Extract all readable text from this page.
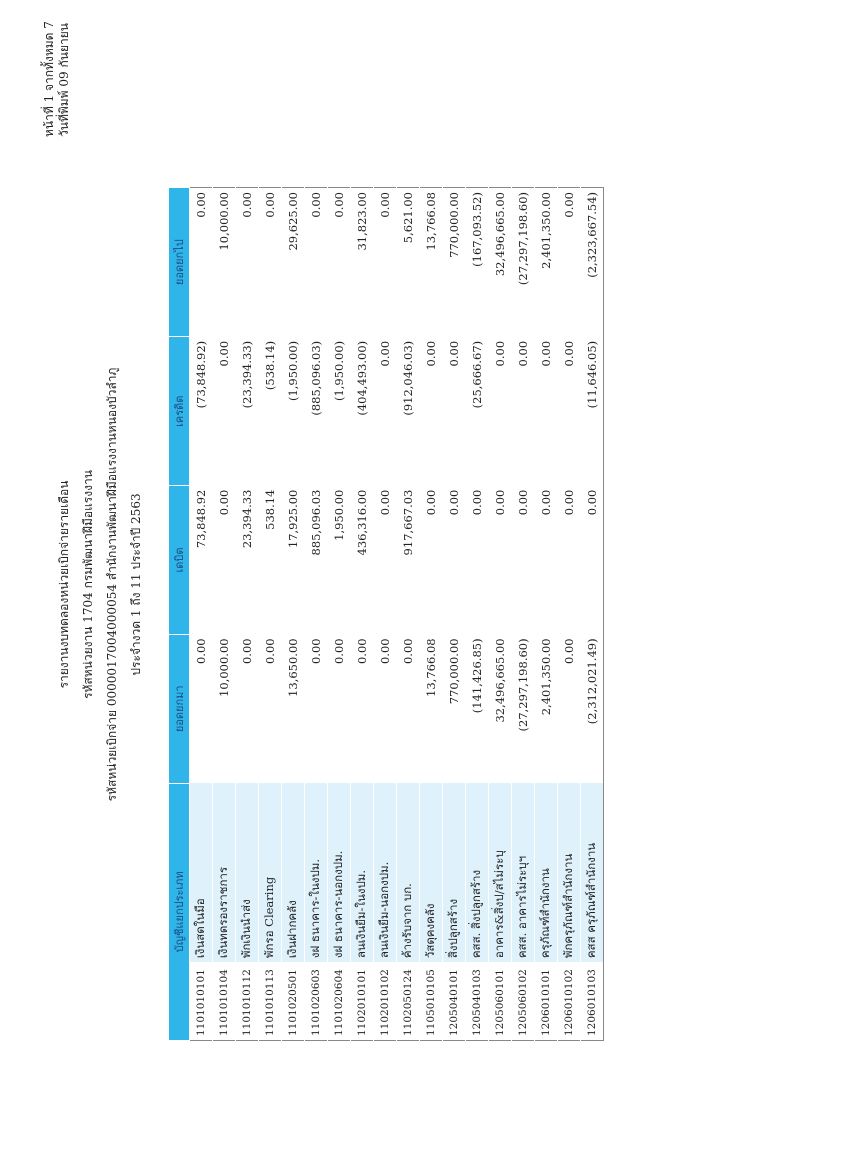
หน้าที่ 1 จากทั้งหมด 7 วันที่พิมพ์ 09 กันยายน
รายงานงบทดลองหน่วยเบิกจ่ายรายเดือน รหัสหน่วยงาน 1704 กรมพัฒนาฝีมือแรงงาน รหัสหน่วยเบิกจ่าย 0000017004000054 สำนักงานพัฒนาฝีมือแรงงานหนองบัวลำภู ประจำงวด 1 ถึง 11 ประจำปี 2563
บัญชีแยกประเภท		ยอดยกมา	เดบิต	เครดิต	ยอดยกไป
1101010101	เงินสดในมือ	0.00	73,848.92	(73,848.92)	0.00
1101010104	เงินทดรองราชการ	10,000.00	0.00	0.00	10,000.00
1101010112	พักเงินนำส่ง	0.00	23,394.33	(23,394.33)	0.00
1101010113	พักรอ Clearing	0.00	538.14	(538.14)	0.00
1101020501	เงินฝากคลัง	13,650.00	17,925.00	(1,950.00)	29,625.00
1101020603	งฝ ธนาคาร-ในงปม.	0.00	885,096.03	(885,096.03)	0.00
1101020604	งฝ ธนาคาร-นอกงปม.	0.00	1,950.00	(1,950.00)	0.00
1102010101	ลนเงินยืม-ในงปม.	0.00	436,316.00	(404,493.00)	31,823.00
1102010102	ลนเงินยืม-นอกงปม.	0.00	0.00	0.00	0.00
1102050124	ค้างรับจาก บก.	0.00	917,667.03	(912,046.03)	5,621.00
1105010105	วัสดุคงคลัง	13,766.08	0.00	0.00	13,766.08
1205040101	สิ่งปลูกสร้าง	770,000.00	0.00	0.00	770,000.00
1205040103	คสส. สิ่งปลูกสร้าง	(141,426.85)	0.00	(25,666.67)	(167,093.52)
1205060101	อาคาร&สิ่งป/สไม่ระบุ	32,496,665.00	0.00	0.00	32,496,665.00
1205060102	คสส. อาคารไม่ระบุฯ	(27,297,198.60)	0.00	0.00	(27,297,198.60)
1206010101	ครุภัณฑ์สำนักงาน	2,401,350.00	0.00	0.00	2,401,350.00
1206010102	พักครุภัณฑ์สำนักงาน	0.00	0.00	0.00	0.00
1206010103	คสส ครุภัณฑ์สำนักงาน	(2,312,021.49)	0.00	(11,646.05)	(2,323,667.54)
